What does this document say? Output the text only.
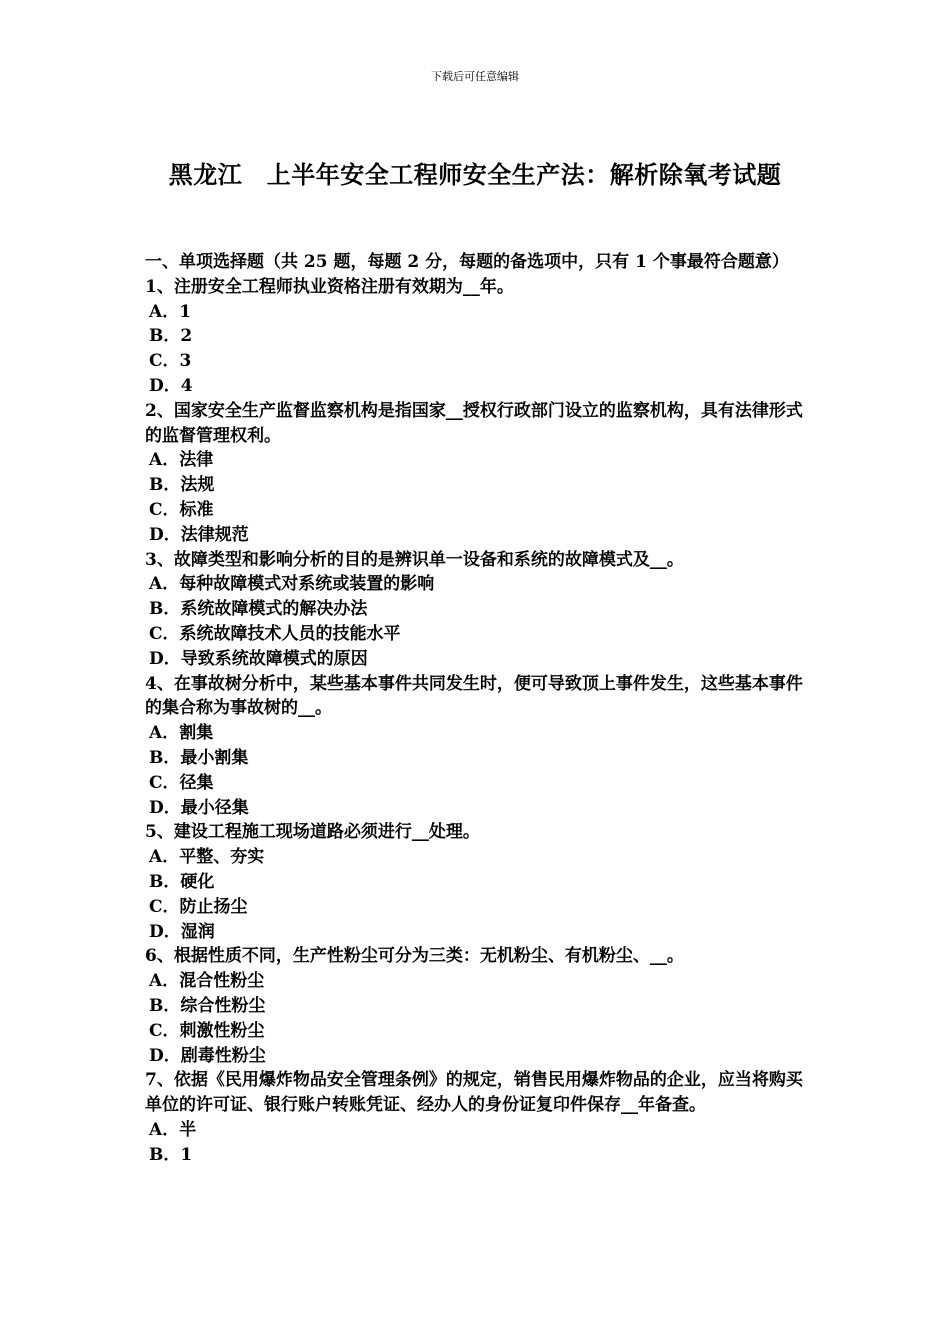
下载后可任意编辑
黑龙江　上半年安全工程师安全生产法：解析除氧考试题

一、单项选择题（共 25 题，每题 2 分，每题的备选项中，只有 1 个事最符合题意）

1、注册安全工程师执业资格注册有效期为__年。

A．1

B．2

C．3

D．4

2、国家安全生产监督监察机构是指国家__授权行政部门设立的监察机构，具有法律形式的监督管理权利。

A．法律

B．法规

C．标准

D．法律规范

3、故障类型和影响分析的目的是辨识单一设备和系统的故障模式及__。

A．每种故障模式对系统或装置的影响

B．系统故障模式的解决办法

C．系统故障技术人员的技能水平

D．导致系统故障模式的原因

4、在事故树分析中，某些基本事件共同发生时，便可导致顶上事件发生，这些基本事件的集合称为事故树的__。

A．割集

B．最小割集

C．径集

D．最小径集

5、建设工程施工现场道路必须进行__处理。

A．平整、夯实

B．硬化

C．防止扬尘

D．湿润

6、根据性质不同，生产性粉尘可分为三类：无机粉尘、有机粉尘、__。

A．混合性粉尘

B．综合性粉尘

C．刺激性粉尘

D．剧毒性粉尘

7、依据《民用爆炸物品安全管理条例》的规定，销售民用爆炸物品的企业，应当将购买单位的许可证、银行账户转账凭证、经办人的身份证复印件保存__年备查。

A．半

B．1
